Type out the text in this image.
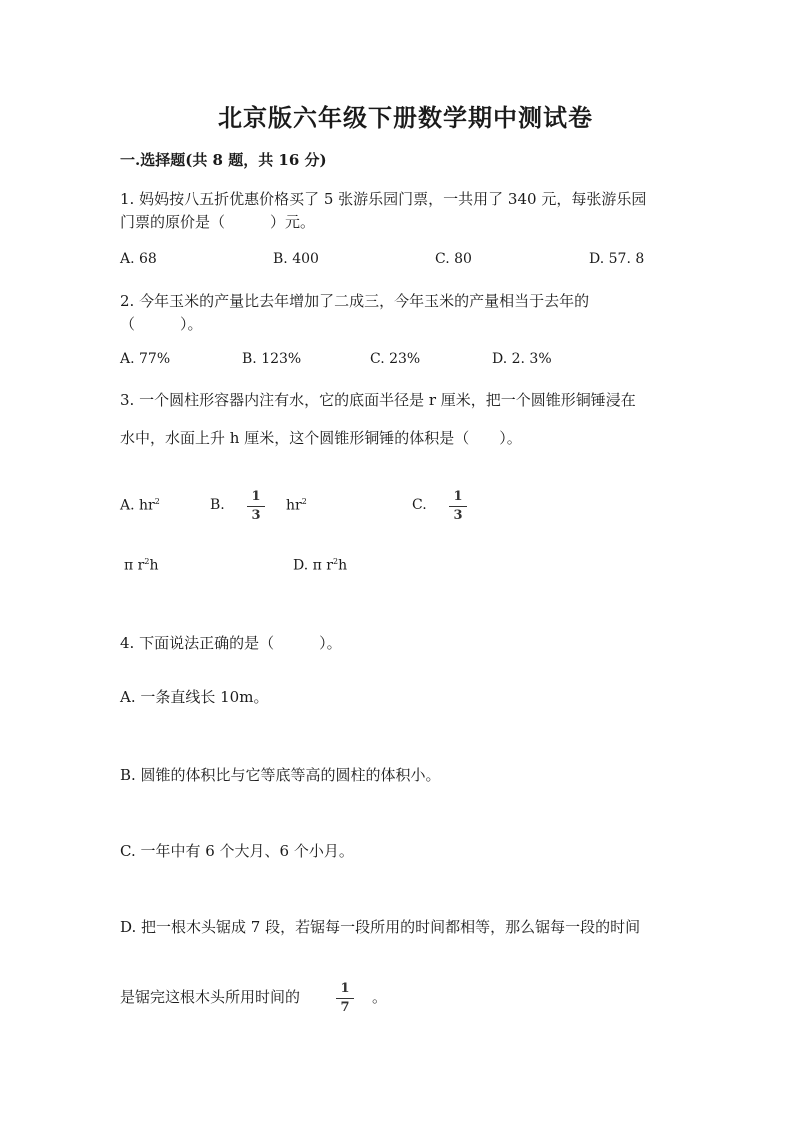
北京版六年级下册数学期中测试卷
一.选择题(共 8 题，共 16 分)
1. 妈妈按八五折优惠价格买了 5 张游乐园门票，一共用了 340 元，每张游乐园
门票的原价是（　　　）元。
A. 68	B. 400	C. 80	D. 57. 8
2. 今年玉米的产量比去年增加了二成三，今年玉米的产量相当于去年的
（　　　）。
A. 77%	B. 123%	C. 23%	D. 2. 3%
3. 一个圆柱形容器内注有水，它的底面半径是 r 厘米，把一个圆锥形铜锤浸在
水中，水面上升 h 厘米，这个圆锥形铜锤的体积是（　　）。
A. $hr^2$	B.
1
3
$hr^2$	C.
1
3
π $r^2h$	D. π $r^2h$
4. 下面说法正确的是（　　　）。
A. 一条直线长 10m。
B. 圆锥的体积比与它等底等高的圆柱的体积小。
C. 一年中有 6 个大月、6 个小月。
D. 把一根木头锯成 7 段，若锯每一段所用的时间都相等，那么锯每一段的时间
是锯完这根木头所用时间的	1
7
。
